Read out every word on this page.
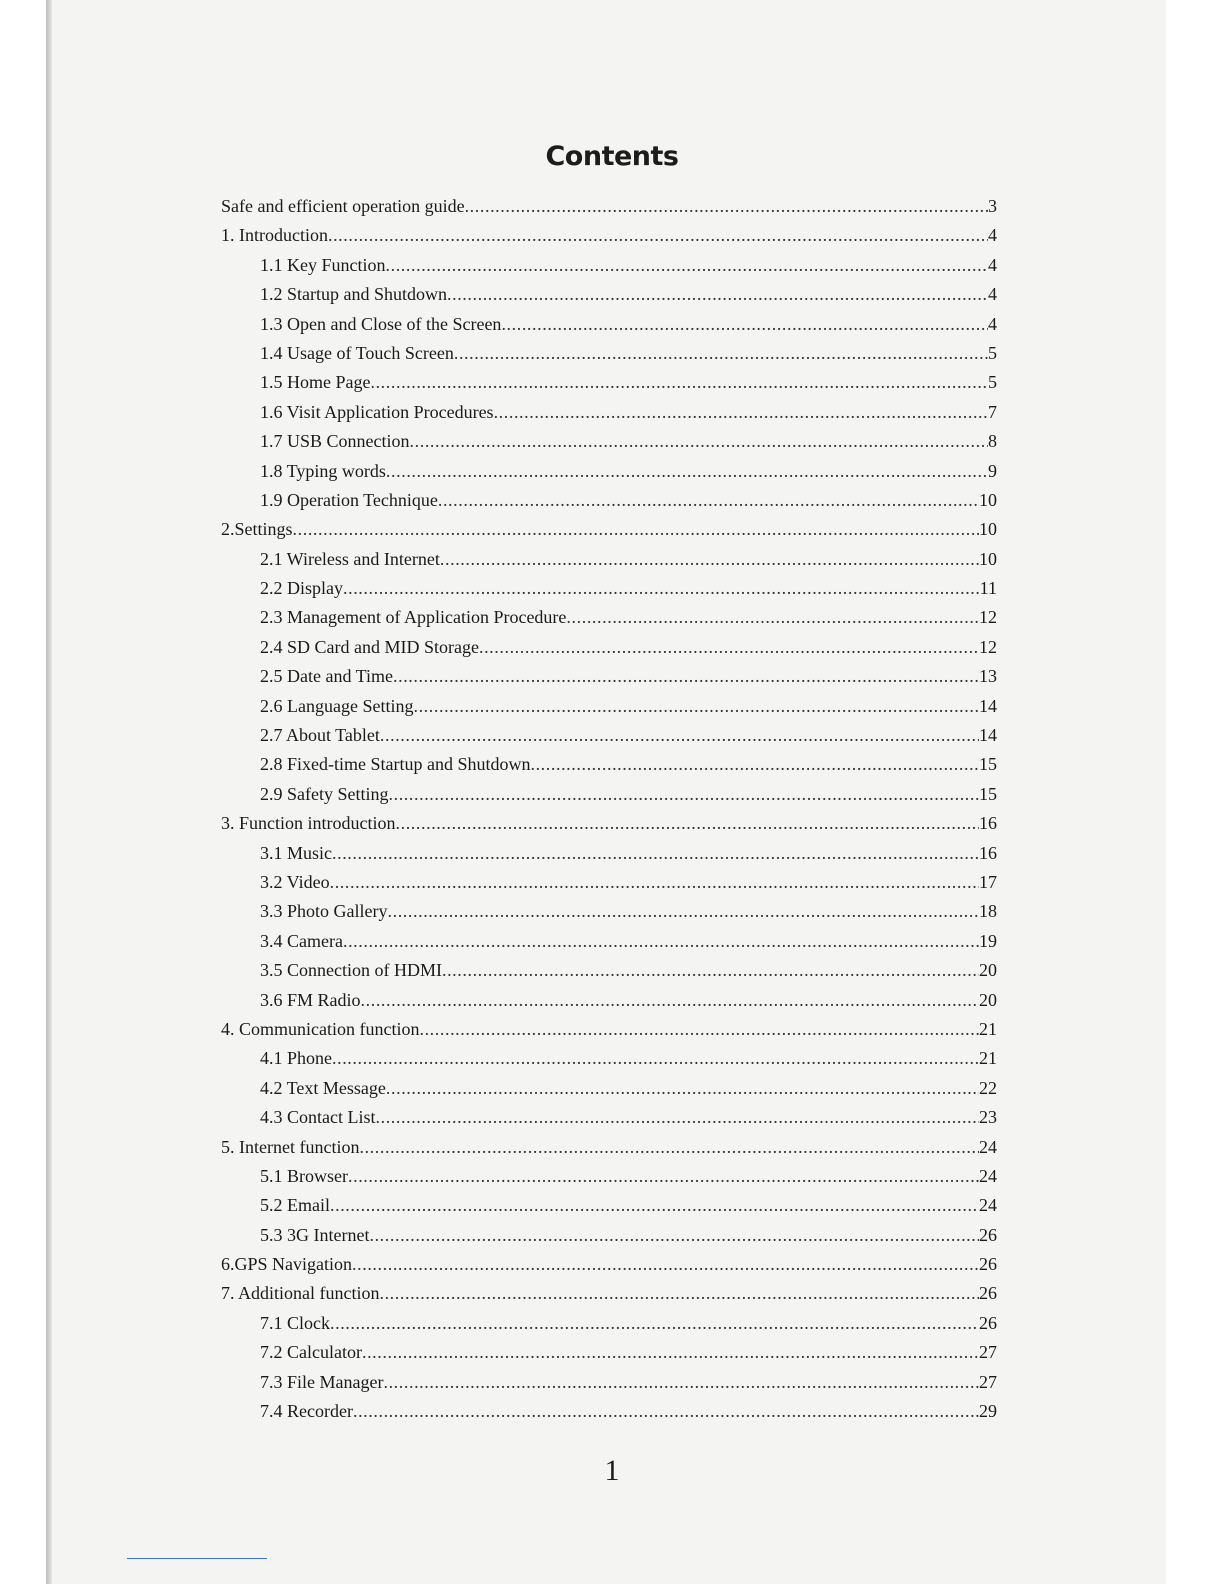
Contents
Safe and efficient operation guide .....	3
1. Introduction .....	4
1.1 Key Function .....	4
1.2 Startup and Shutdown .....	4
1.3 Open and Close of the Screen .....	4
1.4 Usage of Touch Screen .....	5
1.5 Home Page .....	5
1.6 Visit Application Procedures .....	7
1.7 USB Connection .....	8
1.8 Typing words .....	9
1.9 Operation Technique .....	10
2.Settings .....	10
2.1 Wireless and Internet .....	10
2.2 Display .....	11
2.3 Management of Application Procedure .....	12
2.4 SD Card and MID Storage .....	12
2.5 Date and Time .....	13
2.6 Language Setting .....	14
2.7 About Tablet .....	14
2.8 Fixed-time Startup and Shutdown .....	15
2.9 Safety Setting .....	15
3. Function introduction .....	16
3.1 Music .....	16
3.2 Video .....	17
3.3 Photo Gallery .....	18
3.4 Camera .....	19
3.5 Connection of HDMI .....	20
3.6 FM Radio .....	20
4. Communication function .....	21
4.1 Phone .....	21
4.2 Text Message .....	22
4.3 Contact List .....	23
5. Internet function .....	24
5.1 Browser .....	24
5.2 Email .....	24
5.3 3G Internet .....	26
6.GPS Navigation .....	26
7. Additional function .....	26
7.1 Clock .....	26
7.2 Calculator .....	27
7.3 File Manager .....	27
7.4 Recorder .....	29
1
